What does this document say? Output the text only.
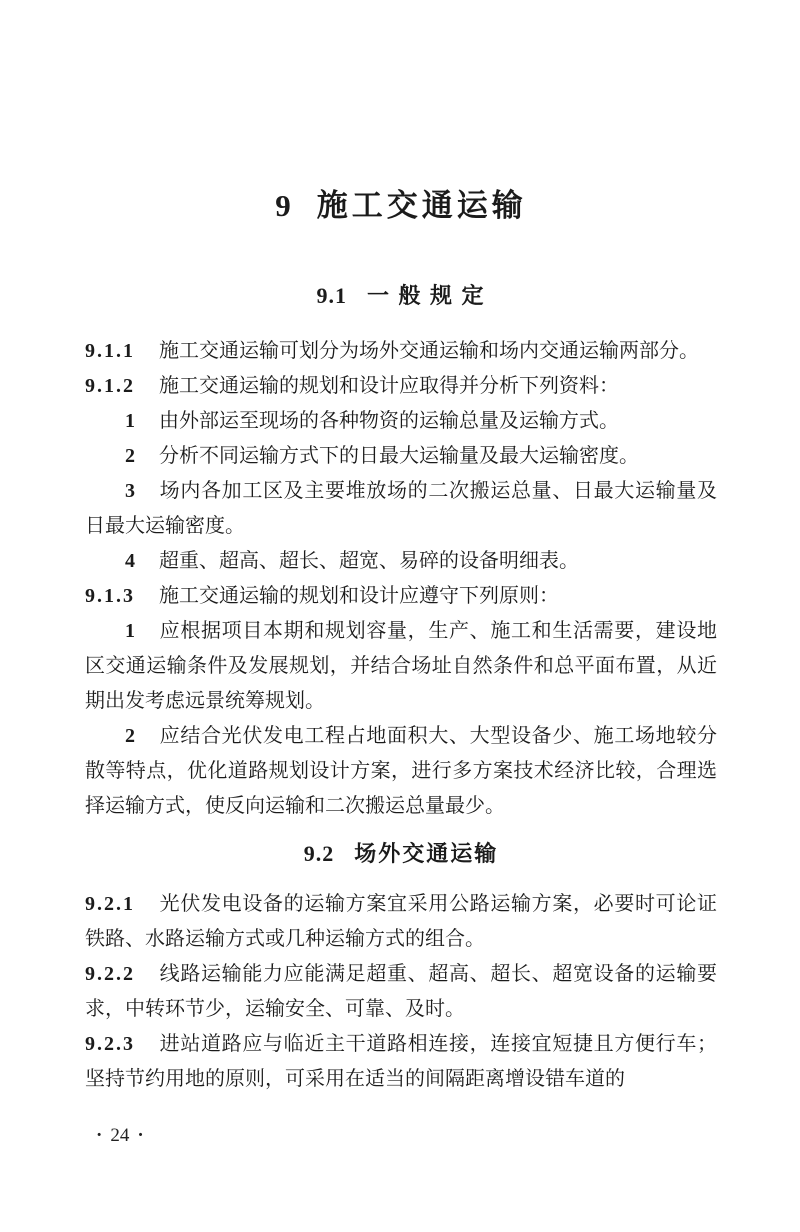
9 施工交通运输
9.1 一 般 规 定

9.1.1 施工交通运输可划分为场外交通运输和场内交通运输两部分。

9.1.2 施工交通运输的规划和设计应取得并分析下列资料：

1 由外部运至现场的各种物资的运输总量及运输方式。

2 分析不同运输方式下的日最大运输量及最大运输密度。

3 场内各加工区及主要堆放场的二次搬运总量、日最大运输量及日最大运输密度。

4 超重、超高、超长、超宽、易碎的设备明细表。

9.1.3 施工交通运输的规划和设计应遵守下列原则：

1 应根据项目本期和规划容量，生产、施工和生活需要，建设地区交通运输条件及发展规划，并结合场址自然条件和总平面布置，从近期出发考虑远景统筹规划。

2 应结合光伏发电工程占地面积大、大型设备少、施工场地较分散等特点，优化道路规划设计方案，进行多方案技术经济比较，合理选择运输方式，使反向运输和二次搬运总量最少。

9.2 场外交通运输

9.2.1 光伏发电设备的运输方案宜采用公路运输方案，必要时可论证铁路、水路运输方式或几种运输方式的组合。

9.2.2 线路运输能力应能满足超重、超高、超长、超宽设备的运输要求，中转环节少，运输安全、可靠、及时。

9.2.3 进站道路应与临近主干道路相连接，连接宜短捷且方便行车；坚持节约用地的原则，可采用在适当的间隔距离增设错车道的

· 24 ·
